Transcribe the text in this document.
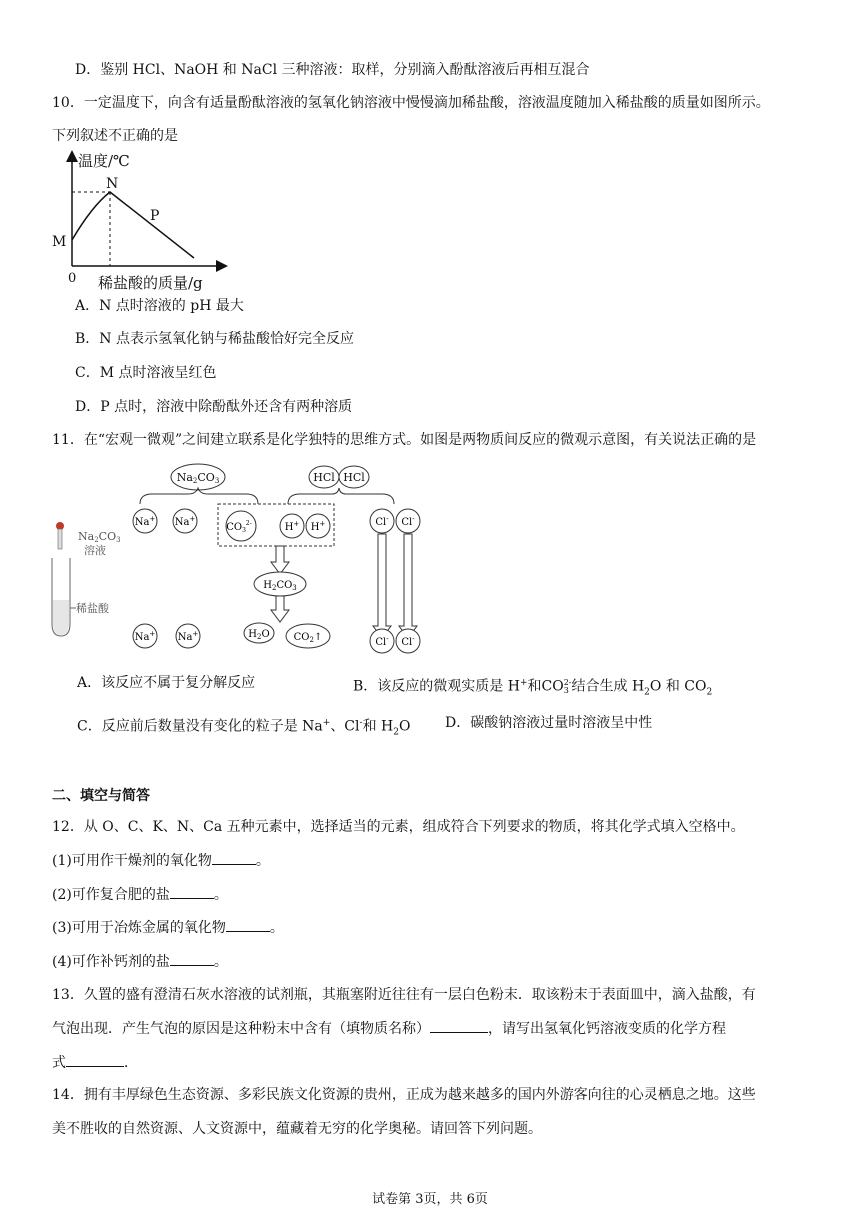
D．鉴别 HCl、NaOH 和 NaCl 三种溶液：取样，分别滴入酚酞溶液后再相互混合
10．一定温度下，向含有适量酚酞溶液的氢氧化钠溶液中慢慢滴加稀盐酸，溶液温度随加入稀盐酸的质量如图所示。
下列叙述不正确的是
温度/℃
稀盐酸的质量/g
0
M
N
P
A．N 点时溶液的 pH 最大
B．N 点表示氢氧化钠与稀盐酸恰好完全反应
C．M 点时溶液呈红色
D．P 点时，溶液中除酚酞外还含有两种溶质
11．在“宏观一微观”之间建立联系是化学独特的思维方式。如图是两物质间反应的微观示意图，有关说法正确的是
Na2CO3	HCl HCl
Na+ Na+
$CO_3^{2-}$	H+ H+	Cl- Cl-
$H_2CO_3$
Na+ Na+	$H_2O$ $CO_2↑$	Cl- Cl-
Na2CO3
溶液
稀盐酸
A．该反应不属于复分解反应	B．该反应的微观实质是 H+和CO 2-
3 结合生成 $H_2O$ 和 $CO_2$
C．反应前后数量没有变化的粒子是 Na+、Cl-和 $H_2O$ D．碳酸钠溶液过量时溶液呈中性
二、填空与简答
12．从 O、C、K、N、Ca 五种元素中，选择适当的元素，组成符合下列要求的物质，将其化学式填入空格中。
(1)可用作干燥剂的氧化物	。
(2)可作复合肥的盐	。
(3)可用于冶炼金属的氧化物	。
(4)可作补钙剂的盐	。
13．久置的盛有澄清石灰水溶液的试剂瓶，其瓶塞附近往往有一层白色粉末．取该粉末于表面皿中，滴入盐酸，有
气泡出现．产生气泡的原因是这种粉末中含有（填物质名称）	，请写出氢氧化钙溶液变质的化学方程
式	．
14．拥有丰厚绿色生态资源、多彩民族文化资源的贵州，正成为越来越多的国内外游客向往的心灵栖息之地。这些
美不胜收的自然资源、人文资源中，蕴藏着无穷的化学奥秘。请回答下列问题。
试卷第 3页，共 6页
